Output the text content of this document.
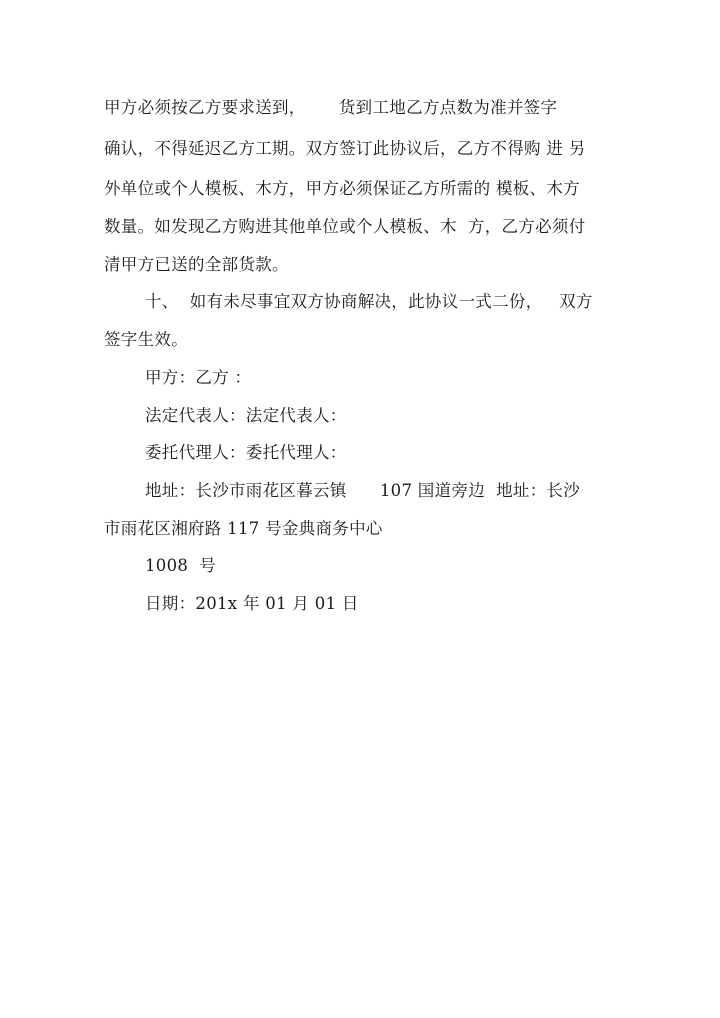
甲方必须按乙方要求送到，      货到工地乙方点数为准并签字
确认，不得延迟乙方工期。双方签订此协议后，乙方不得购 进 另
外单位或个人模板、木方，甲方必须保证乙方所需的 模板、木方
数量。如发现乙方购进其他单位或个人模板、木  方，乙方必须付
清甲方已送的全部货款。
十、  如有未尽事宜双方协商解决，此协议一式二份，   双方
签字生效。
甲方：乙方 ：
法定代表人：法定代表人：
委托代理人：委托代理人：
地址：长沙市雨花区暮云镇      107 国道旁边  地址：长沙
市雨花区湘府路 117 号金典商务中心
1008  号
日期：201x 年 01 月 01 日
